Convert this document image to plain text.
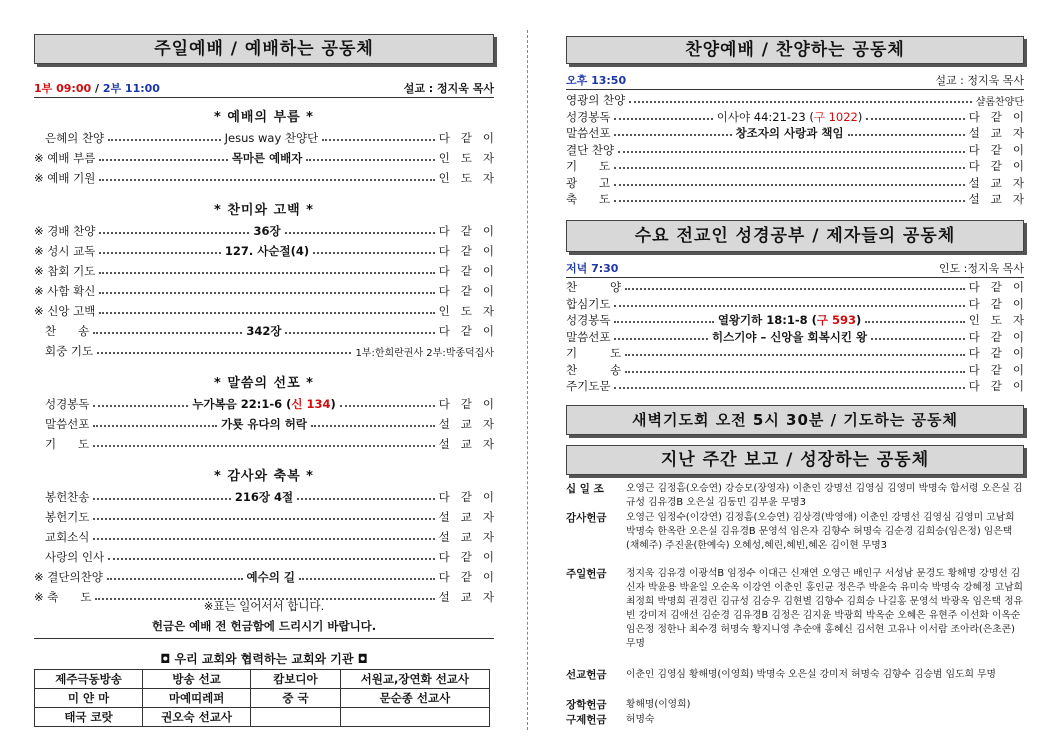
주일예배 / 예배하는 공동체
1부 09:00 / 2부 11:00	설교 : 정지욱 목사
* 예배의 부름 *
은혜의 찬양	Jesus way 찬양단	다같이
※ 예배 부름	목마른 예배자	인도자
※ 예배 기원	인도자
* 찬미와 고백 *
※ 경배 찬양	36장	다같이
※ 성시 교독	127. 사순절(4)	다같이
※ 참회 기도	다같이
※ 사함 확신	다같이
※ 신앙 고백	인도자
찬      송	342장	다같이
회중 기도	1부:한희란권사 2부:박종덕집사
* 말씀의 선포 *
성경봉독	누가복음 22:1-6 (신 134)	다같이
말씀선포	가룟 유다의 허락	설교자
기      도	설교자
* 감사와 축복 *
봉헌찬송	216장 4절	다같이
봉헌기도	설교자
교회소식	설교자
사랑의 인사	다같이
※ 결단의찬양	예수의 길	다같이
※ 축      도	설교자
※표는 일어서서 합니다.
헌금은 예배 전 헌금함에 드리시기 바랍니다.
◘ 우리 교회와 협력하는 교회와 기관 ◘
제주극동방송	방송 선교	캄보디아	서원교,장연화 선교사
미 얀 마	마예띠레퍼	중 국	문순종 선교사
태국 코랏	권오숙 선교사		
찬양예배 / 찬양하는 공동체
오후 13:50	설교 : 정지욱 목사
영광의 찬양	샬롬찬양단
성경봉독	이사야 44:21-23 (구 1022)	다같이
말씀선포	창조자의 사랑과 책임	설교자
결단 찬양	다같이
기      도	다같이
광      고	설교자
축      도	설교자
수요 전교인 성경공부 / 제자들의 공동체
저녁 7:30	인도 :정지욱 목사
찬         양	다같이
합심기도	다같이
성경봉독	열왕기하 18:1-8 (구 593)	인도자
말씀선포	히스기야 – 신앙을 회복시킨 왕	다같이
기         도	다같이
찬         송	다같이
주기도문	다같이
새벽기도회 오전 5시 30분 / 기도하는 공동체
지난 주간 보고 / 성장하는 공동체
십 일 조 오영근 김정흠(오승연) 강승모(장영자) 이춘인 강명선 김영심 김영미 박명숙 함서령 오은실 김규성 김유경B 오은실 김동민 김부윤 무명3
감사헌금 오영근 임정수(이강연) 김정흠(오승연) 김상경(박영애) 이춘인 강명선 김영심 김영미 고남희 박명숙 한옥란 오은실 김유경B 문영석 임은자 김향수 허명숙 김순경 김희승(임은정) 임은택(채혜주) 주진윤(한예숙) 오혜성,혜린,혜빈,혜온 김이현 무명3
주일헌금 정지욱 김유경 이광석B 임정수 이대근 신재연 오영근 배인구 서성남 문경도 황해명 강명선 김신자 박윤용 박윤일 오순옥 이강연 이춘인 홍인균 정은주 박윤숙 유미숙 박명숙 강혜정 고남희 최정희 박명희 권경린 김규성 김승우 김현별 김향수 김희승 나길홍 문영석 박광옥 임은택 정유빈 강미저 김애선 김순경 김유경B 김정은 김지윤 박광희 박옥순 오혜은 유현주 이선화 이옥순 임은정 정한나 최수경 허명숙 황지니영 추순애 홍혜신 김서현 고유나 이서람 조아라(은초콘) 무명
선교헌금 이춘인 김영심 황해명(이영희) 박명숙 오은실 강미저 허명숙 김향수 김승범 임도희 무명
장학헌금 황해명(이영희)
구제헌금 허명숙
